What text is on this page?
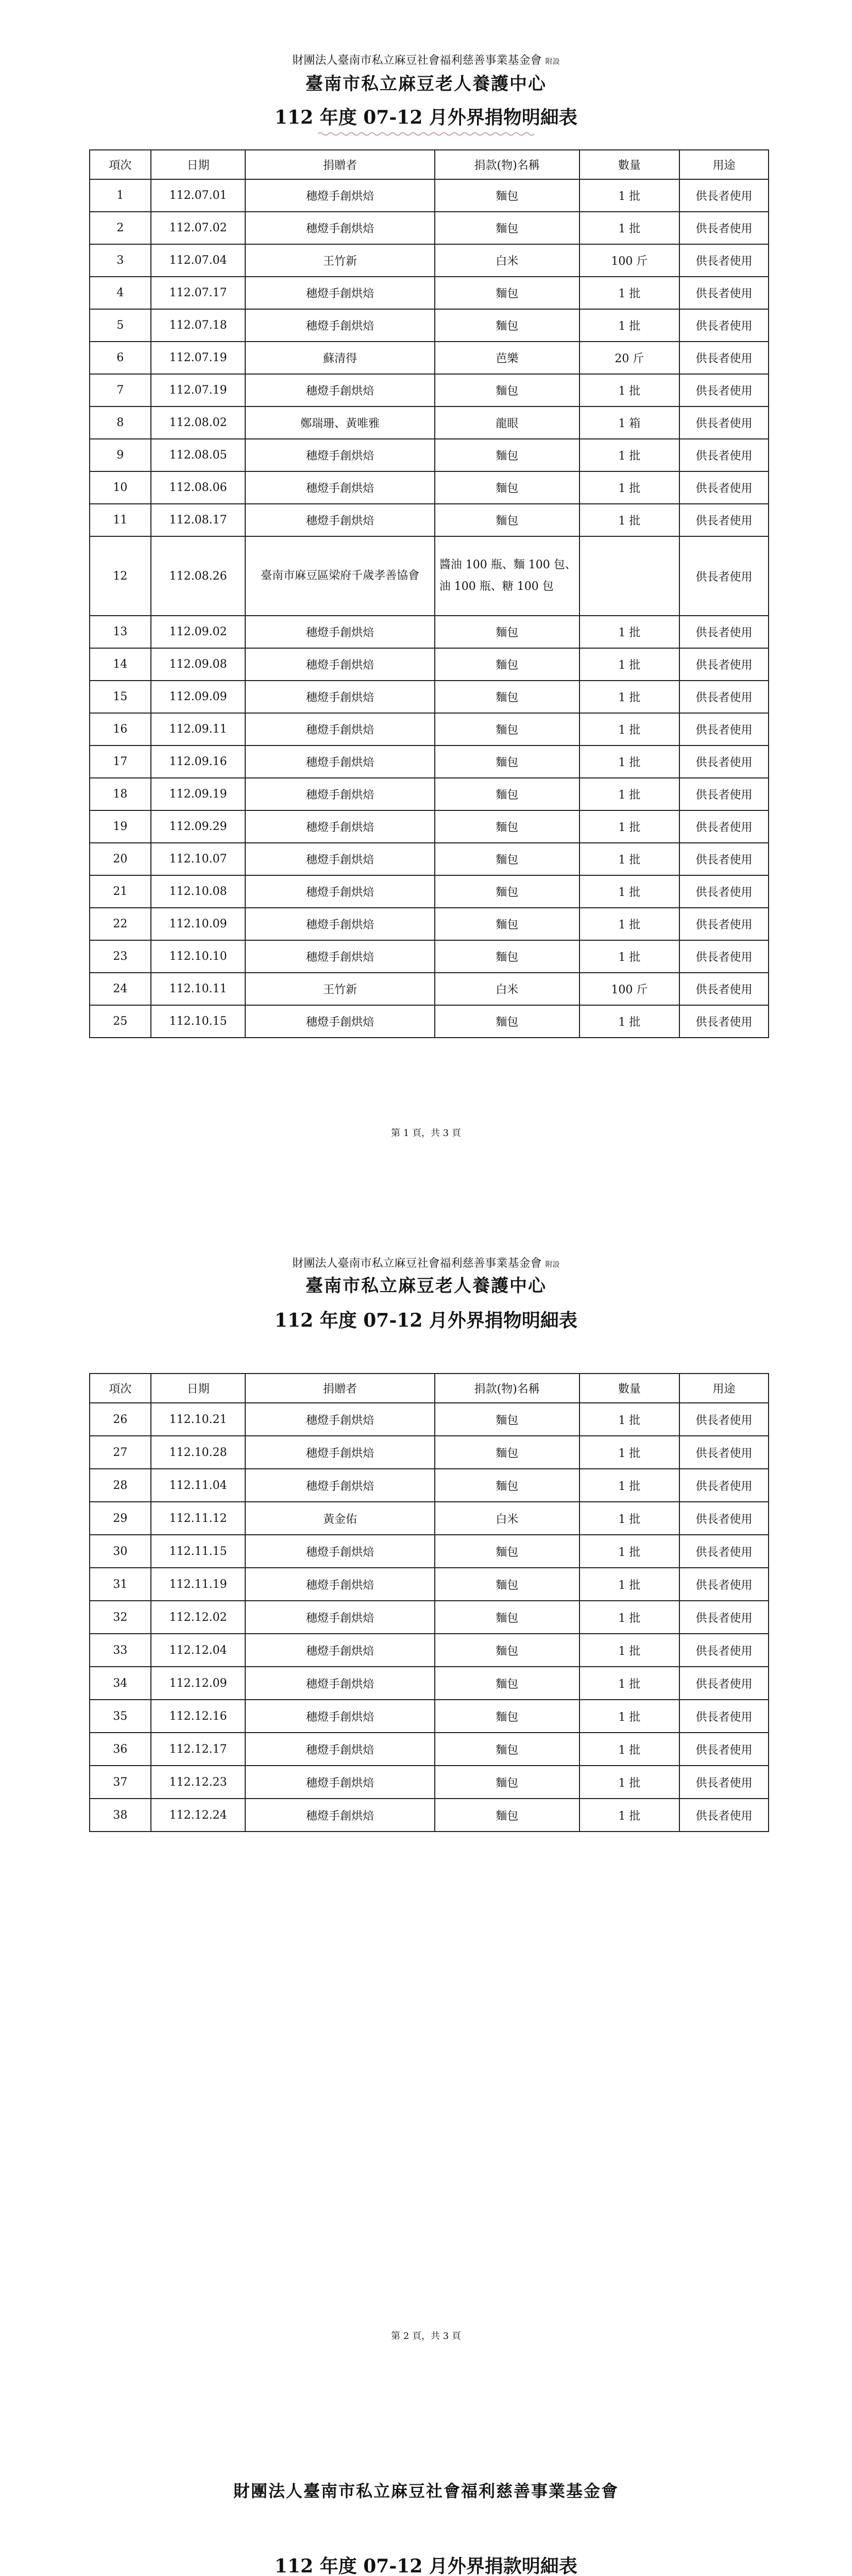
財團法人臺南市私立麻豆社會福利慈善事業基金會 附設
臺南市私立麻豆老人養護中心
112 年度 07-12 月外界捐物明細表
項次	日期	捐贈者	捐款(物)名稱	數量	用途
1	112.07.01	穗燈手創烘焙	麵包	1 批	供長者使用
2	112.07.02	穗燈手創烘焙	麵包	1 批	供長者使用
3	112.07.04	王竹新	白米	100 斤	供長者使用
4	112.07.17	穗燈手創烘焙	麵包	1 批	供長者使用
5	112.07.18	穗燈手創烘焙	麵包	1 批	供長者使用
6	112.07.19	蘇清得	芭樂	20 斤	供長者使用
7	112.07.19	穗燈手創烘焙	麵包	1 批	供長者使用
8	112.08.02	鄭瑞珊、黃唯雅	龍眼	1 箱	供長者使用
9	112.08.05	穗燈手創烘焙	麵包	1 批	供長者使用
10	112.08.06	穗燈手創烘焙	麵包	1 批	供長者使用
11	112.08.17	穗燈手創烘焙	麵包	1 批	供長者使用
12	112.08.26	臺南市麻豆區梁府千歲孝善協會	醬油 100 瓶、麵 100 包、油 100 瓶、糖 100 包		供長者使用
13	112.09.02	穗燈手創烘焙	麵包	1 批	供長者使用
14	112.09.08	穗燈手創烘焙	麵包	1 批	供長者使用
15	112.09.09	穗燈手創烘焙	麵包	1 批	供長者使用
16	112.09.11	穗燈手創烘焙	麵包	1 批	供長者使用
17	112.09.16	穗燈手創烘焙	麵包	1 批	供長者使用
18	112.09.19	穗燈手創烘焙	麵包	1 批	供長者使用
19	112.09.29	穗燈手創烘焙	麵包	1 批	供長者使用
20	112.10.07	穗燈手創烘焙	麵包	1 批	供長者使用
21	112.10.08	穗燈手創烘焙	麵包	1 批	供長者使用
22	112.10.09	穗燈手創烘焙	麵包	1 批	供長者使用
23	112.10.10	穗燈手創烘焙	麵包	1 批	供長者使用
24	112.10.11	王竹新	白米	100 斤	供長者使用
25	112.10.15	穗燈手創烘焙	麵包	1 批	供長者使用
第 1 頁，共 3 頁
財團法人臺南市私立麻豆社會福利慈善事業基金會 附設
臺南市私立麻豆老人養護中心
112 年度 07-12 月外界捐物明細表
項次	日期	捐贈者	捐款(物)名稱	數量	用途
26	112.10.21	穗燈手創烘焙	麵包	1 批	供長者使用
27	112.10.28	穗燈手創烘焙	麵包	1 批	供長者使用
28	112.11.04	穗燈手創烘焙	麵包	1 批	供長者使用
29	112.11.12	黃金佑	白米	1 批	供長者使用
30	112.11.15	穗燈手創烘焙	麵包	1 批	供長者使用
31	112.11.19	穗燈手創烘焙	麵包	1 批	供長者使用
32	112.12.02	穗燈手創烘焙	麵包	1 批	供長者使用
33	112.12.04	穗燈手創烘焙	麵包	1 批	供長者使用
34	112.12.09	穗燈手創烘焙	麵包	1 批	供長者使用
35	112.12.16	穗燈手創烘焙	麵包	1 批	供長者使用
36	112.12.17	穗燈手創烘焙	麵包	1 批	供長者使用
37	112.12.23	穗燈手創烘焙	麵包	1 批	供長者使用
38	112.12.24	穗燈手創烘焙	麵包	1 批	供長者使用
第 2 頁，共 3 頁
財團法人臺南市私立麻豆社會福利慈善事業基金會
112 年度 07-12 月外界捐款明細表
